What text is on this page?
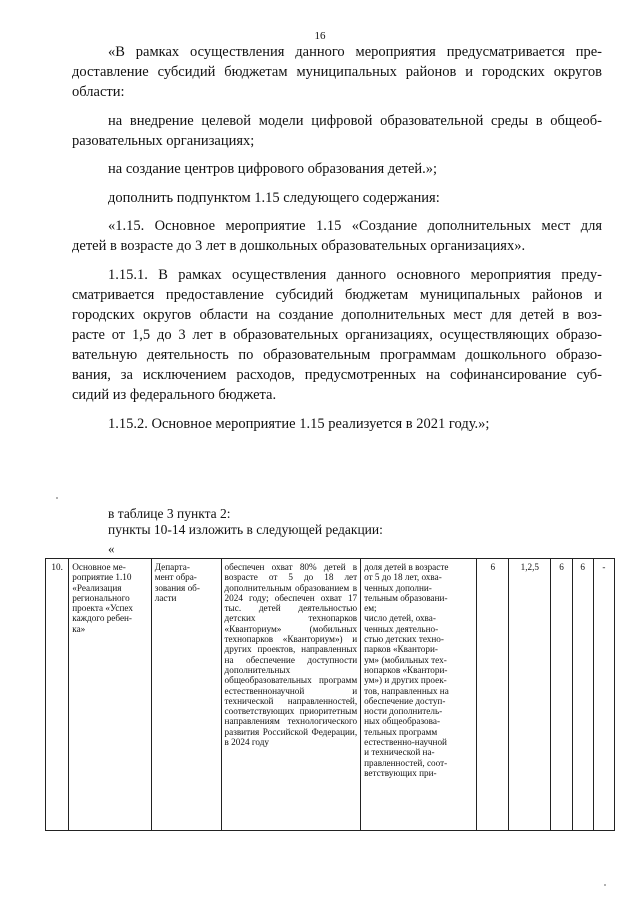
16
«В рамках осуществления данного мероприятия предусматривается пре-
доставление субсидий бюджетам муниципальных районов и городских округов
области:
на внедрение целевой модели цифровой образовательной среды в общеоб-
разовательных организациях;
на создание центров цифрового образования детей.»;
дополнить подпунктом 1.15 следующего содержания:
«1.15. Основное мероприятие 1.15 «Создание дополнительных мест для
детей в возрасте до 3 лет в дошкольных образовательных организациях».
1.15.1. В рамках осуществления данного основного мероприятия преду-
сматривается предоставление субсидий бюджетам муниципальных районов и
городских округов области на создание дополнительных мест для детей в воз-
расте от 1,5 до 3 лет в образовательных организациях, осуществляющих образо-
вательную деятельность по образовательным программам дошкольного образо-
вания, за исключением расходов, предусмотренных на софинансирование суб-
сидий из федерального бюджета.
1.15.2. Основное мероприятие 1.15 реализуется в 2021 году.»;
в таблице 3 пункта 2:
пункты 10-14 изложить в следующей редакции:
«
10.	Основное ме-
роприятие 1.10
«Реализация
регионального
проекта «Успех
каждого ребен-
ка»	Департа-
мент обра-
зования об-
ласти	обеспечен охват 80% детей в возрасте от 5 до 18 лет дополнительным образованием в 2024 году; обеспечен охват 17 тыс. детей деятельностью детских технопарков «Кванториум» (мобильных технопарков «Кванториум») и других проектов, направленных на обеспечение доступности дополнительных общеобразовательных программ естественнонаучной и технической направленностей, соответствующих приоритетным направлениям технологического развития Российской Федерации, в 2024 году	доля детей в возрасте
от 5 до 18 лет, охва-
ченных дополни-
тельным образовани-
ем;
число детей, охва-
ченных деятельно-
стью детских техно-
парков «Квантори-
ум» (мобильных тех-
нопарков «Квантори-
ум») и других проек-
тов, направленных на
обеспечение доступ-
ности дополнитель-
ных общеобразова-
тельных программ
естественно-научной
и технической на-
правленностей, соот-
ветствующих при-	6	1,2,5	6	6	-
